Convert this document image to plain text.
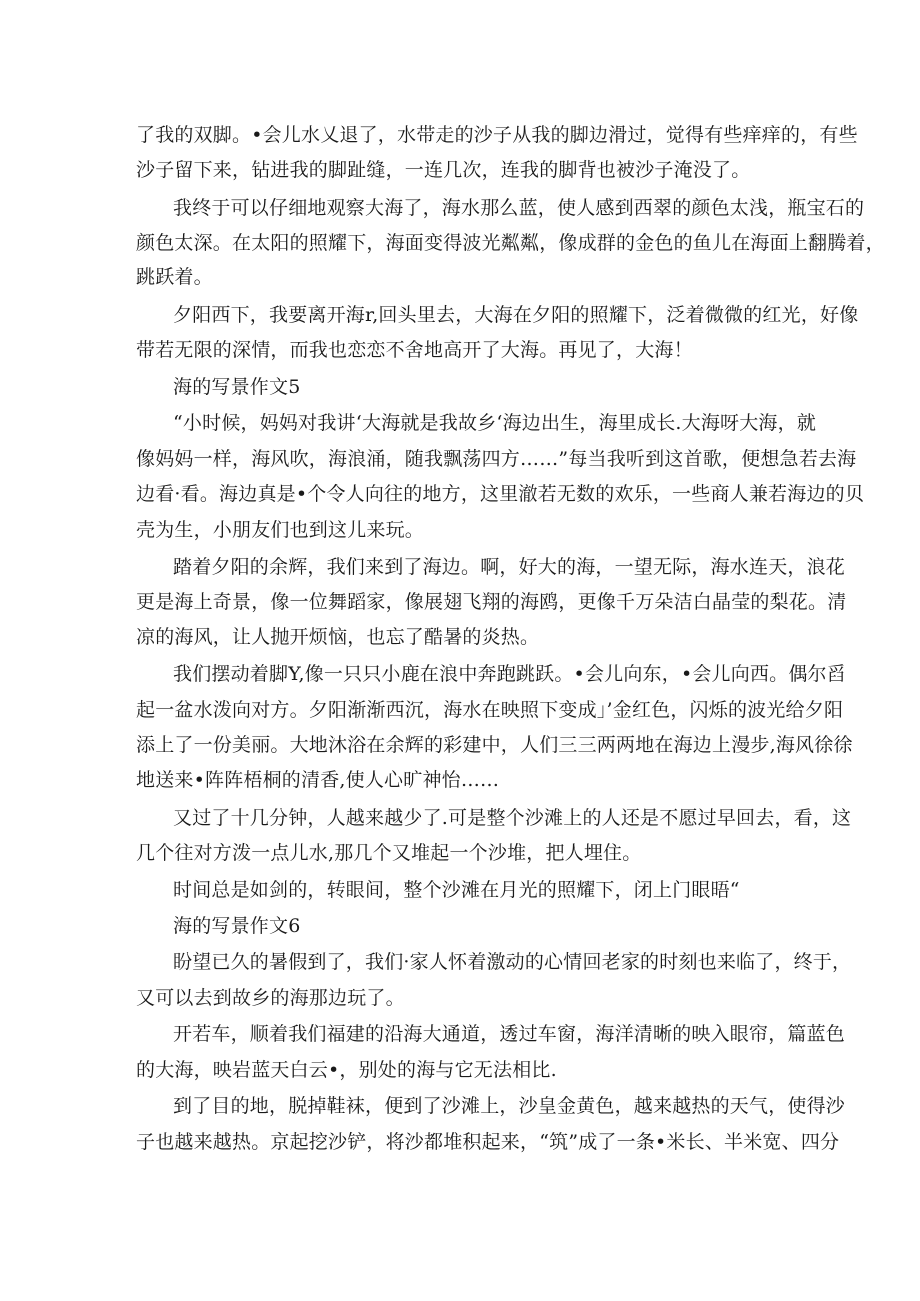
了我的双脚。•会儿水乂退了，水带走的沙子从我的脚边滑过，觉得有些痒痒的，有些
沙子留下来，钻进我的脚趾缝，一连几次，连我的脚背也被沙子淹没了。
我终于可以仔细地观察大海了，海水那么蓝，使人感到西翠的颜色太浅，瓶宝石的
颜色太深。在太阳的照耀下，海面变得波光粼粼，像成群的金色的鱼儿在海面上翻腾着，
跳跃着。
夕阳西下，我要离开海r,回头里去，大海在夕阳的照耀下，泛着微微的红光，好像
带若无限的深情，而我也恋恋不舍地高开了大海。再见了，大海！
海的写景作文5
“小时候，妈妈对我讲‘大海就是我故乡‘海边出生，海里成长.大海呀大海，就
像妈妈一样，海风吹，海浪涌，随我飘荡四方……”每当我听到这首歌，便想急若去海
边看·看。海边真是•个令人向往的地方，这里澈若无数的欢乐，一些商人兼若海边的贝
壳为生，小朋友们也到这儿来玩。
踏着夕阳的余辉，我们来到了海边。啊，好大的海，一望无际，海水连天，浪花
更是海上奇景，像一位舞蹈家，像展翅飞翔的海鸥，更像千万朵洁白晶莹的梨花。清
凉的海风，让人抛开烦恼，也忘了酷暑的炎热。
我们摆动着脚Y,像一只只小鹿在浪中奔跑跳跃。•会儿向东，•会儿向西。偶尔舀
起一盆水泼向对方。夕阳渐渐西沉，海水在映照下变成」’金红色，闪烁的波光给夕阳
添上了一份美丽。大地沐浴在余辉的彩建中，人们三三两两地在海边上漫步,海风徐徐
地送来•阵阵梧桐的清香,使人心旷神怡……
又过了十几分钟，人越来越少了.可是整个沙滩上的人还是不愿过早回去，看，这
几个往对方泼一点儿水,那几个又堆起一个沙堆，把人埋住。
时间总是如剑的，转眼间，整个沙滩在月光的照耀下，闭上门眼晤“
海的写景作文6
盼望已久的暑假到了，我们·家人怀着激动的心情回老家的时刻也来临了，终于，
又可以去到故乡的海那边玩了。
开若车，顺着我们福建的沿海大通道，透过车窗，海洋清晰的映入眼帘，篇蓝色
的大海，映岩蓝天白云•，别处的海与它无法相比.
到了目的地，脱掉鞋袜，便到了沙滩上，沙皇金黄色，越来越热的天气，使得沙
子也越来越热。京起挖沙铲，将沙都堆积起来，“筑”成了一条•米长、半米宽、四分
